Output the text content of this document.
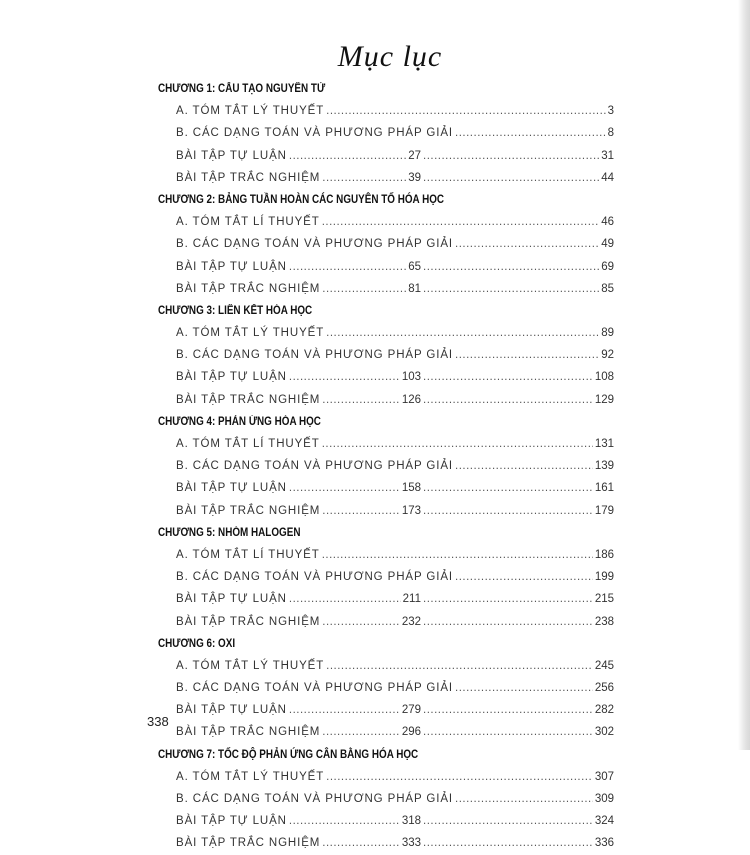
Mục lục
CHƯƠNG 1: CẤU TẠO NGUYÊN TỬ
A. TÓM TẮT LÝ THUYẾT .....	3
B. CÁC DẠNG TOÁN VÀ PHƯƠNG PHÁP GIẢI .....	8
BÀI TẬP TỰ LUẬN .....	27 .....	31
BÀI TẬP TRẮC NGHIỆM .....	39 .....	44
CHƯƠNG 2: BẢNG TUẦN HOÀN CÁC NGUYÊN TỐ HÓA HỌC
A. TÓM TẮT LÍ THUYẾT .....	46
B. CÁC DẠNG TOÁN VÀ PHƯƠNG PHÁP GIẢI .....	49
BÀI TẬP TỰ LUẬN .....	65 .....	69
BÀI TẬP TRẮC NGHIỆM .....	81 .....	85
CHƯƠNG 3: LIÊN KẾT HÓA HỌC
A. TÓM TẮT LÝ THUYẾT .....	89
B. CÁC DẠNG TOÁN VÀ PHƯƠNG PHÁP GIẢI .....	92
BÀI TẬP TỰ LUẬN .....	103 .....	108
BÀI TẬP TRẮC NGHIỆM .....	126 .....	129
CHƯƠNG 4: PHẢN ỨNG HÓA HỌC
A. TÓM TẮT LÍ THUYẾT .....	131
B. CÁC DẠNG TOÁN VÀ PHƯƠNG PHÁP GIẢI .....	139
BÀI TẬP TỰ LUẬN .....	158 .....	161
BÀI TẬP TRẮC NGHIỆM .....	173 .....	179
CHƯƠNG 5: NHÓM HALOGEN
A. TÓM TẮT LÍ THUYẾT .....	186
B. CÁC DẠNG TOÁN VÀ PHƯƠNG PHÁP GIẢI .....	199
BÀI TẬP TỰ LUẬN .....	211 .....	215
BÀI TẬP TRẮC NGHIỆM .....	232 .....	238
CHƯƠNG 6: OXI
A. TÓM TẮT LÝ THUYẾT .....	245
B. CÁC DẠNG TOÁN VÀ PHƯƠNG PHÁP GIẢI .....	256
BÀI TẬP TỰ LUẬN .....	279 .....	282
BÀI TẬP TRẮC NGHIỆM .....	296 .....	302
CHƯƠNG 7: TỐC ĐỘ PHẢN ỨNG CÂN BẰNG HÓA HỌC
A. TÓM TẮT LÝ THUYẾT .....	307
B. CÁC DẠNG TOÁN VÀ PHƯƠNG PHÁP GIẢI .....	309
BÀI TẬP TỰ LUẬN .....	318 .....	324
BÀI TẬP TRẮC NGHIỆM .....	333 .....	336
338
